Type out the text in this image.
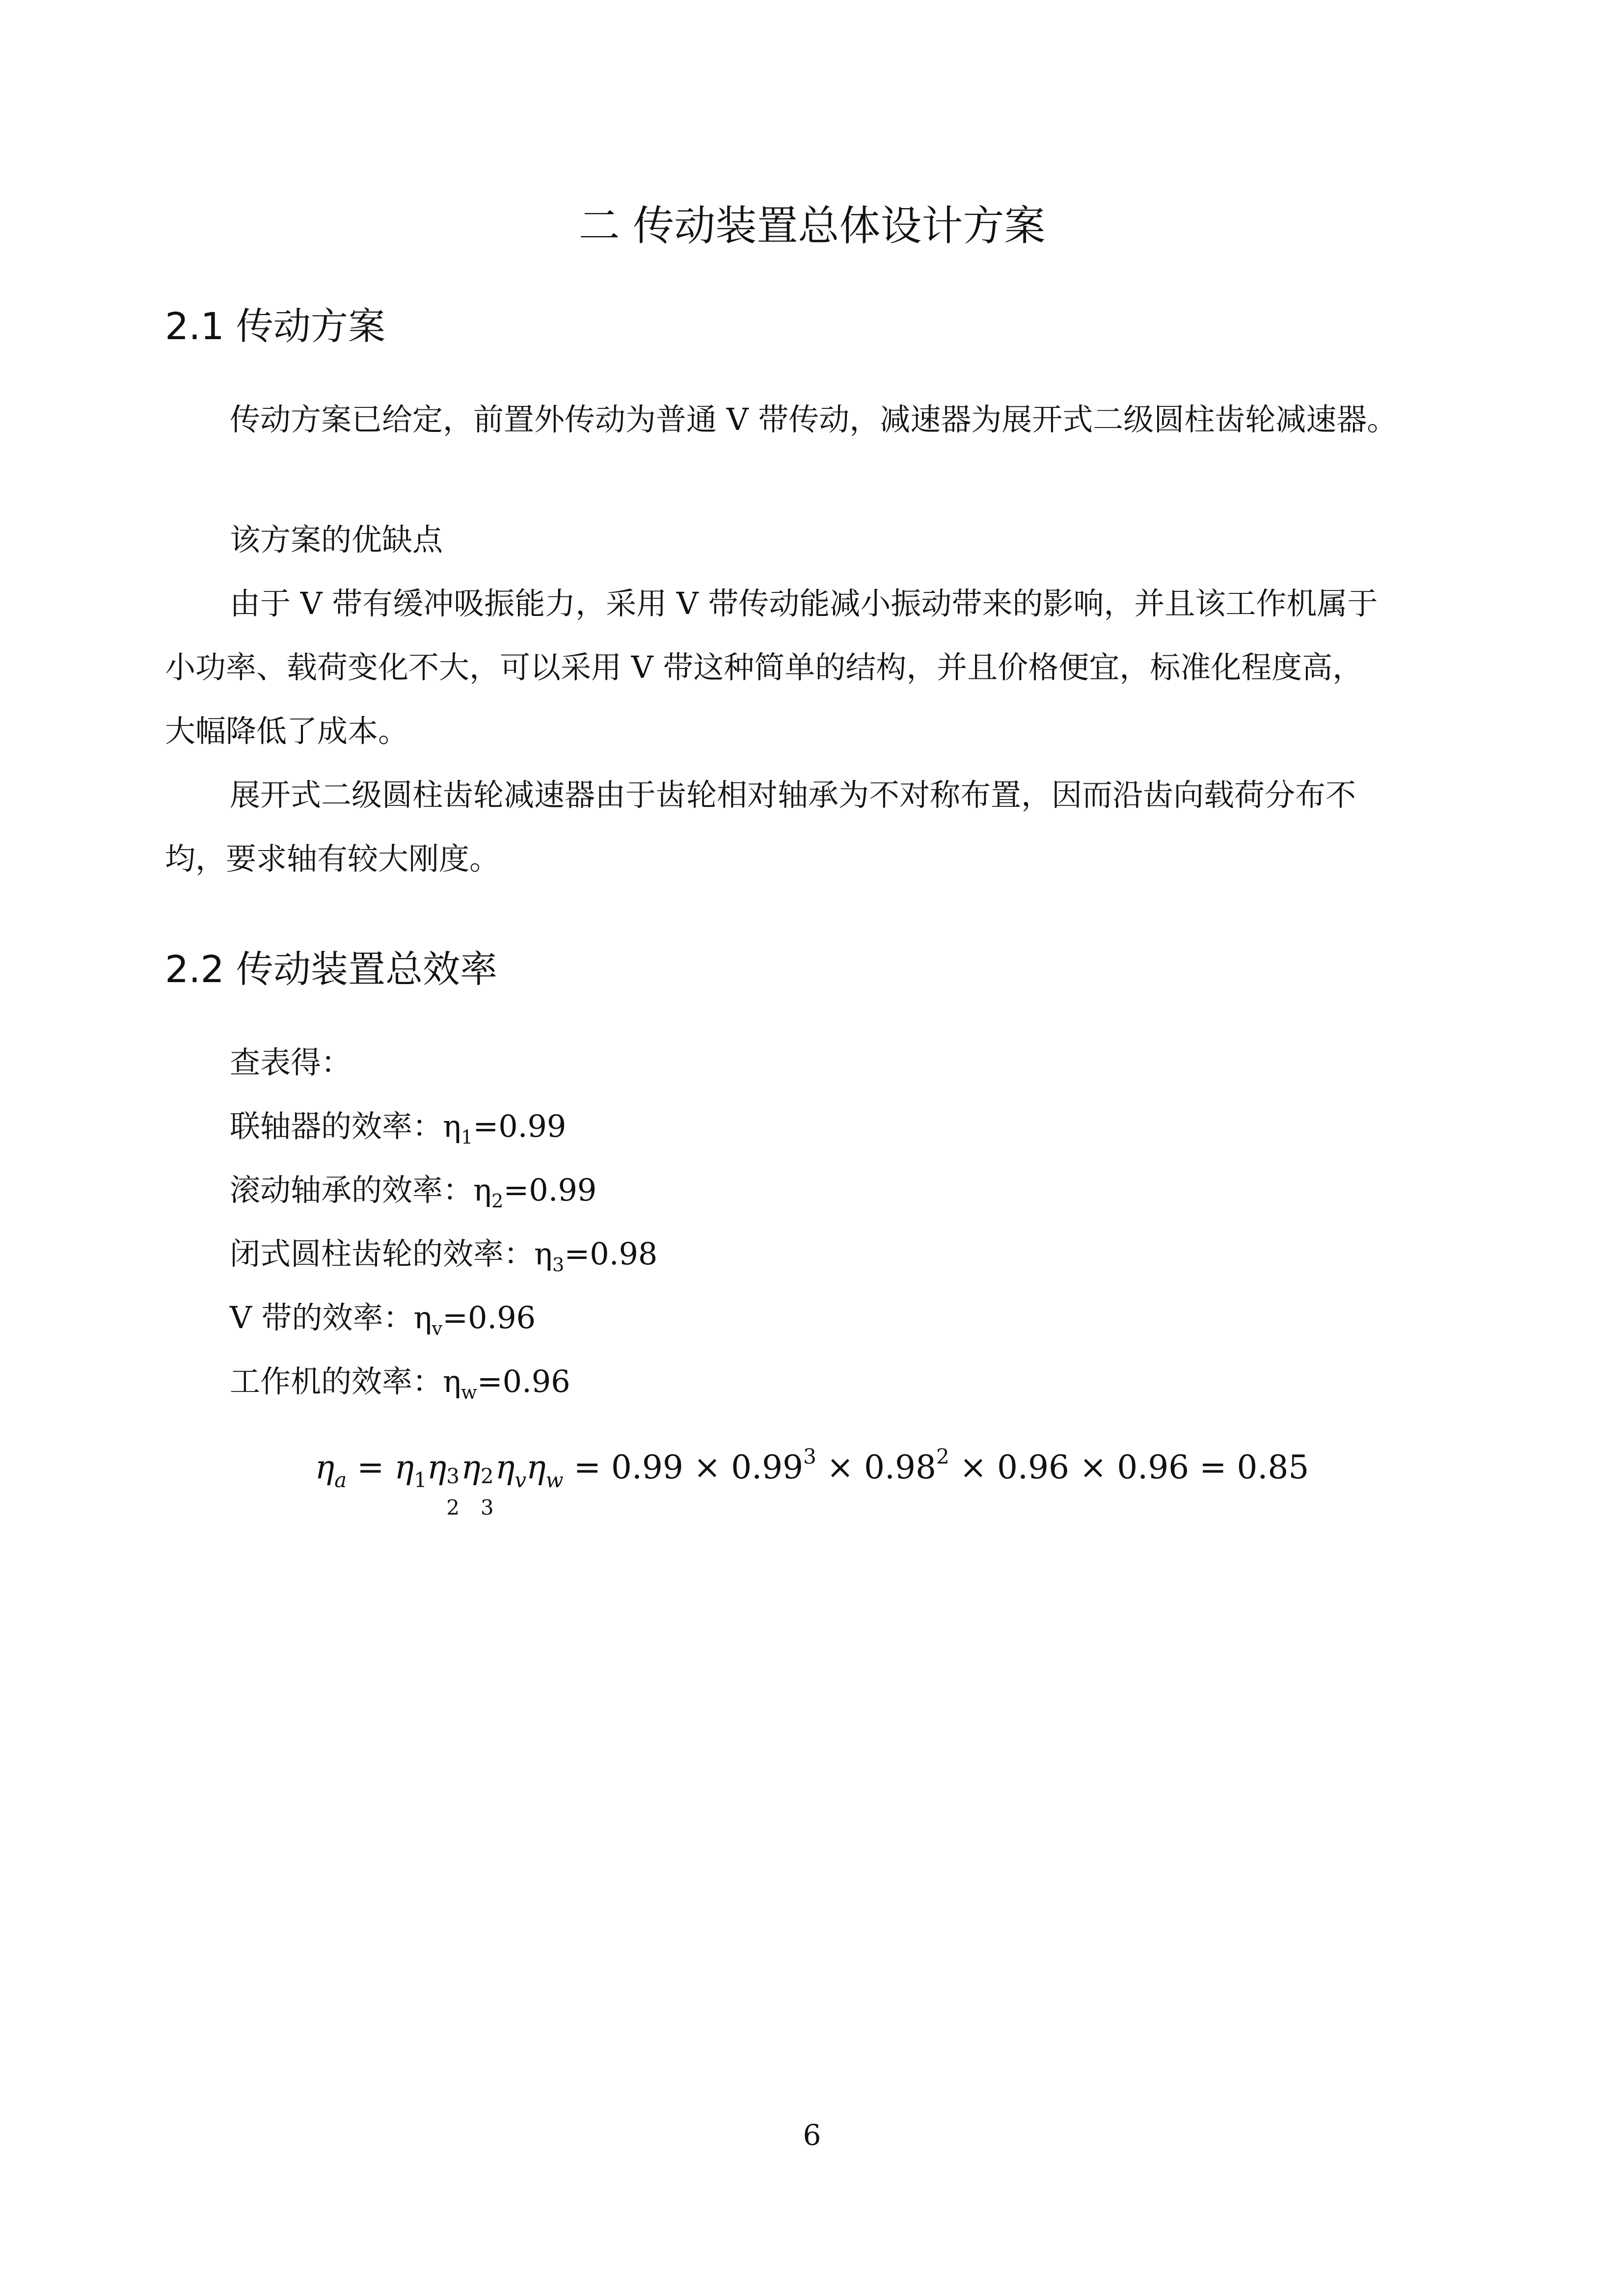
二 传动装置总体设计方案
2.1 传动方案
传动方案已给定，前置外传动为普通 V 带传动，减速器为展开式二级圆柱齿轮减速器。
该方案的优缺点
由于 V 带有缓冲吸振能力，采用 V 带传动能减小振动带来的影响，并且该工作机属于
小功率、载荷变化不大，可以采用 V 带这种简单的结构，并且价格便宜，标准化程度高，
大幅降低了成本。
展开式二级圆柱齿轮减速器由于齿轮相对轴承为不对称布置，因而沿齿向载荷分布不
均，要求轴有较大刚度。
2.2 传动装置总效率
查表得：
联轴器的效率：$\eta_1=0.99$
滚动轴承的效率：$\eta_2=0.99$
闭式圆柱齿轮的效率：$\eta_3=0.98$
V 带的效率：$\eta_v=0.96$
工作机的效率：$\eta_w=0.96$
$\eta_a = \eta_1\eta$ 3
2
η 2
3
$\eta_v\eta_w = 0.99 \times 0.99^3 \times 0.98^2 \times 0.96 \times 0.96 = 0.85$
6
